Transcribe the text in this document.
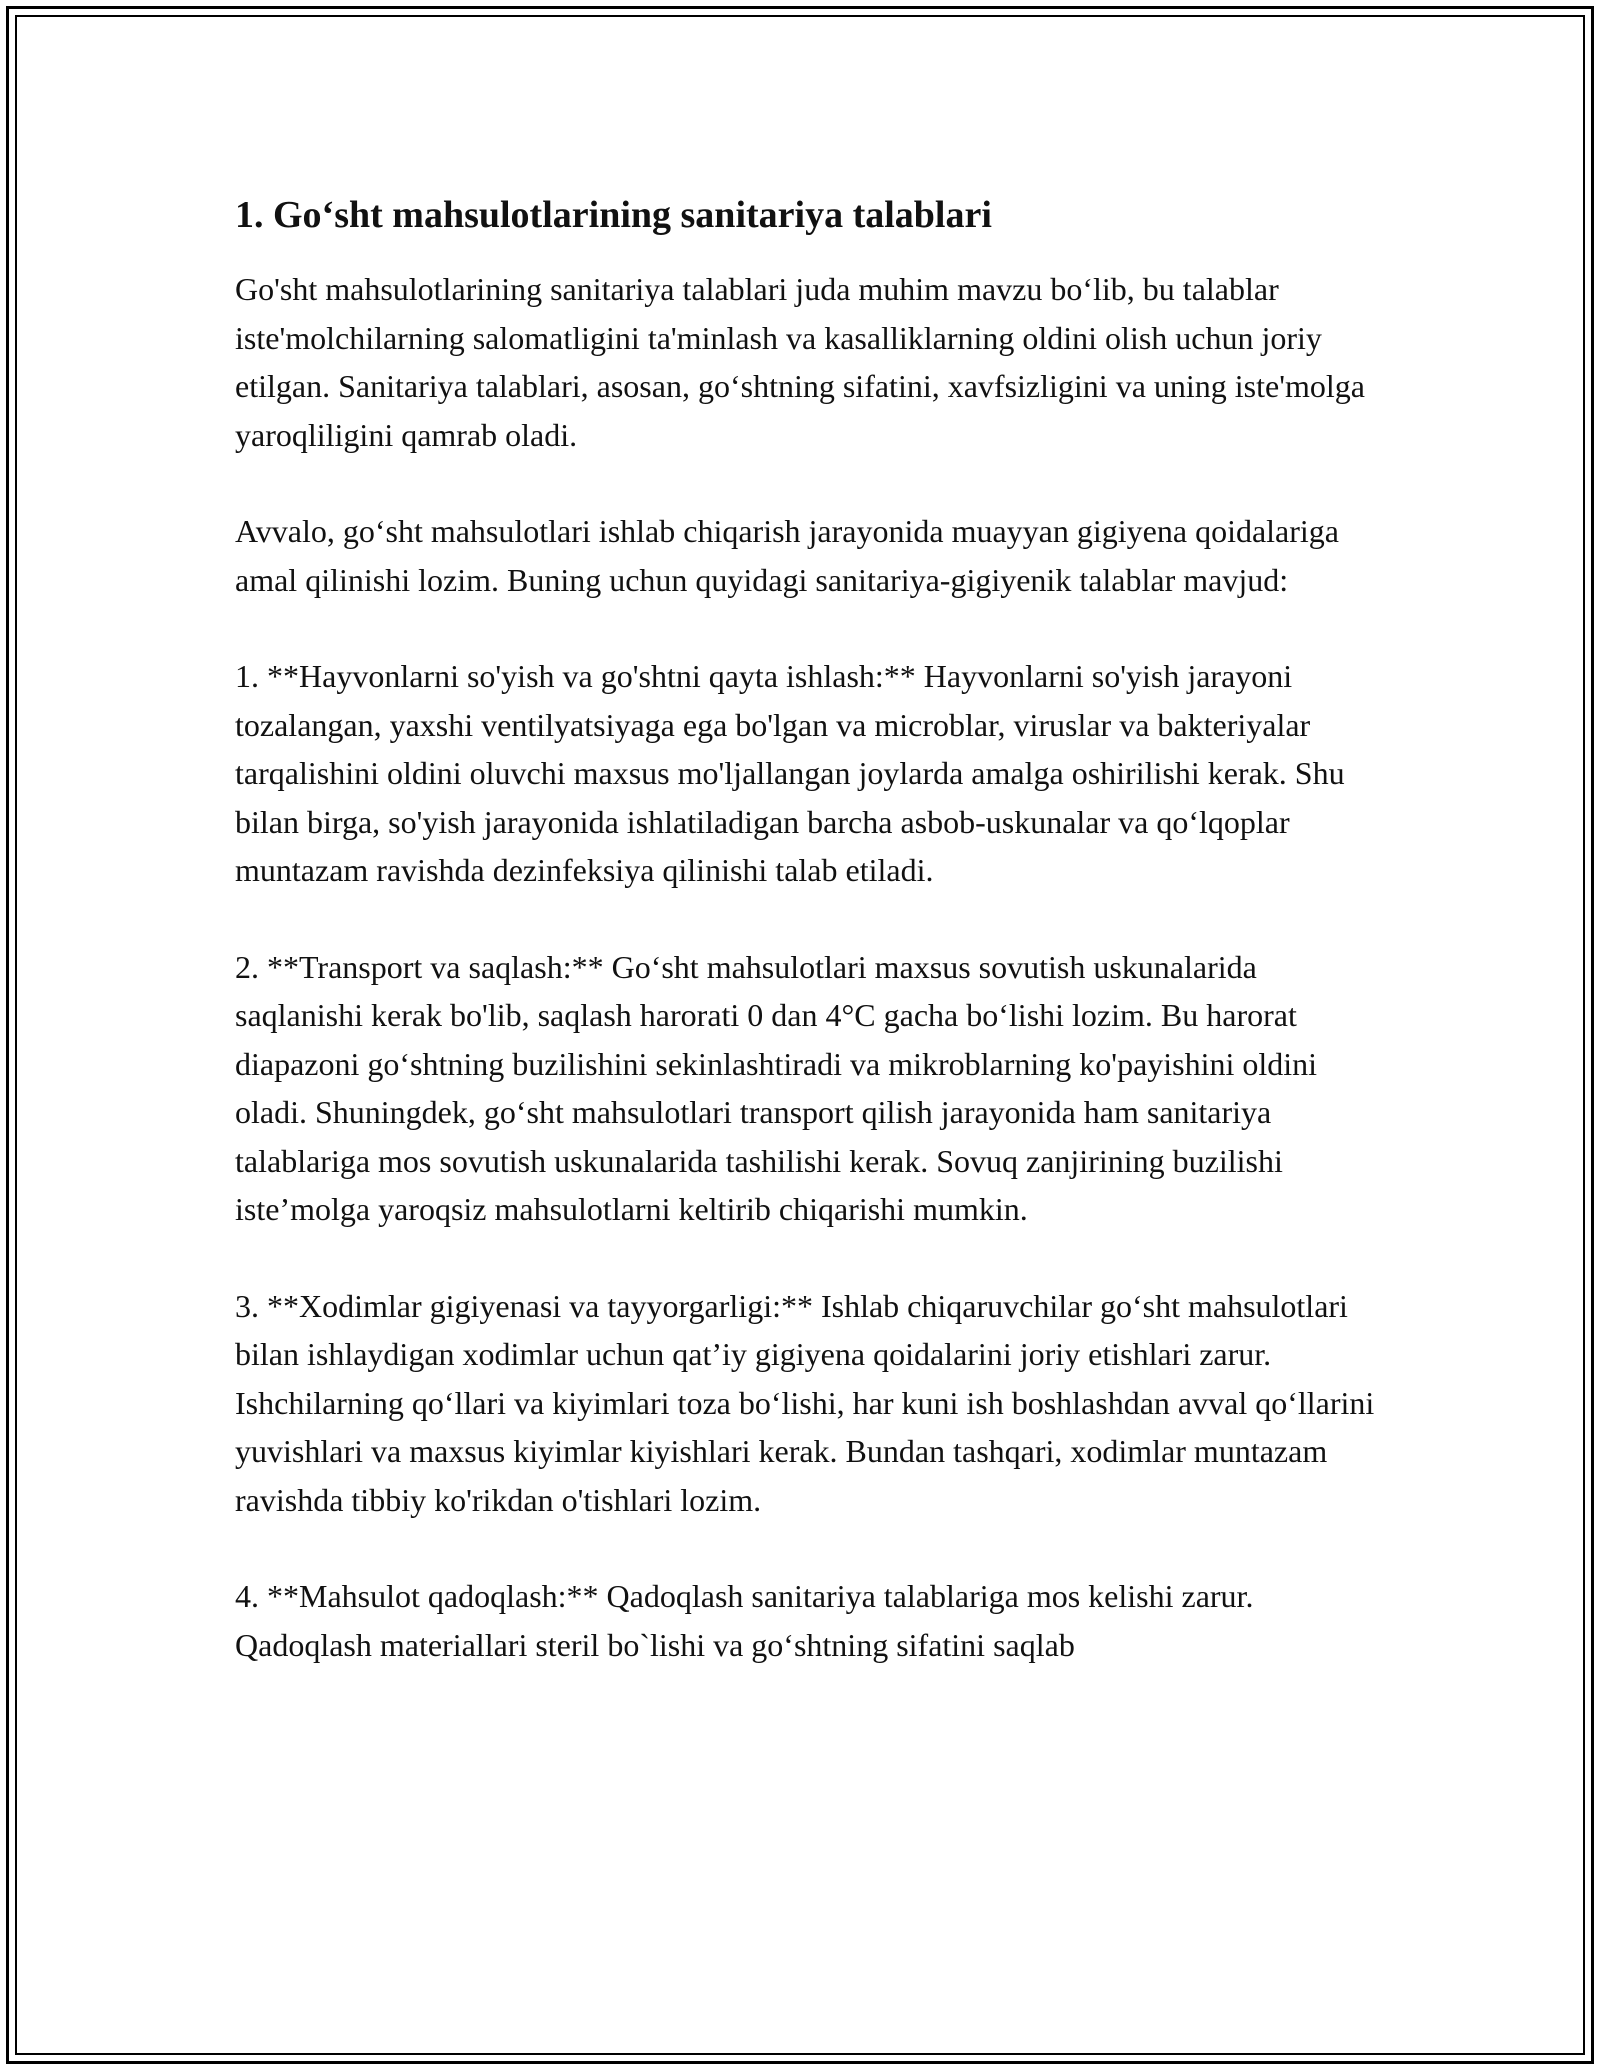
1. Go‘sht mahsulotlarining sanitariya talablari

Go'sht mahsulotlarining sanitariya talablari juda muhim mavzu bo‘lib, bu talablar iste'molchilarning salomatligini ta'minlash va kasalliklarning oldini olish uchun joriy etilgan. Sanitariya talablari, asosan, go‘shtning sifatini, xavfsizligini va uning iste'molga yaroqliligini qamrab oladi.

Avvalo, go‘sht mahsulotlari ishlab chiqarish jarayonida muayyan gigiyena qoidalariga amal qilinishi lozim. Buning uchun quyidagi sanitariya-gigiyenik talablar mavjud:

1. **Hayvonlarni so'yish va go'shtni qayta ishlash:** Hayvonlarni so'yish jarayoni tozalangan, yaxshi ventilyatsiyaga ega bo'lgan va microblar, viruslar va bakteriyalar tarqalishini oldini oluvchi maxsus mo'ljallangan joylarda amalga oshirilishi kerak. Shu bilan birga, so'yish jarayonida ishlatiladigan barcha asbob-uskunalar va qo‘lqoplar muntazam ravishda dezinfeksiya qilinishi talab etiladi.

2. **Transport va saqlash:** Go‘sht mahsulotlari maxsus sovutish uskunalarida saqlanishi kerak bo'lib, saqlash harorati 0 dan 4°C gacha bo‘lishi lozim. Bu harorat diapazoni go‘shtning buzilishini sekinlashtiradi va mikroblarning ko'payishini oldini oladi. Shuningdek, go‘sht mahsulotlari transport qilish jarayonida ham sanitariya talablariga mos sovutish uskunalarida tashilishi kerak. Sovuq zanjirining buzilishi iste’molga yaroqsiz mahsulotlarni keltirib chiqarishi mumkin.

3. **Xodimlar gigiyenasi va tayyorgarligi:** Ishlab chiqaruvchilar go‘sht mahsulotlari bilan ishlaydigan xodimlar uchun qat’iy gigiyena qoidalarini joriy etishlari zarur. Ishchilarning qo‘llari va kiyimlari toza bo‘lishi, har kuni ish boshlashdan avval qo‘llarini yuvishlari va maxsus kiyimlar kiyishlari kerak. Bundan tashqari, xodimlar muntazam ravishda tibbiy ko'rikdan o'tishlari lozim.

4. **Mahsulot qadoqlash:** Qadoqlash sanitariya talablariga mos kelishi zarur. Qadoqlash materiallari steril bo`lishi va go‘shtning sifatini saqlab
